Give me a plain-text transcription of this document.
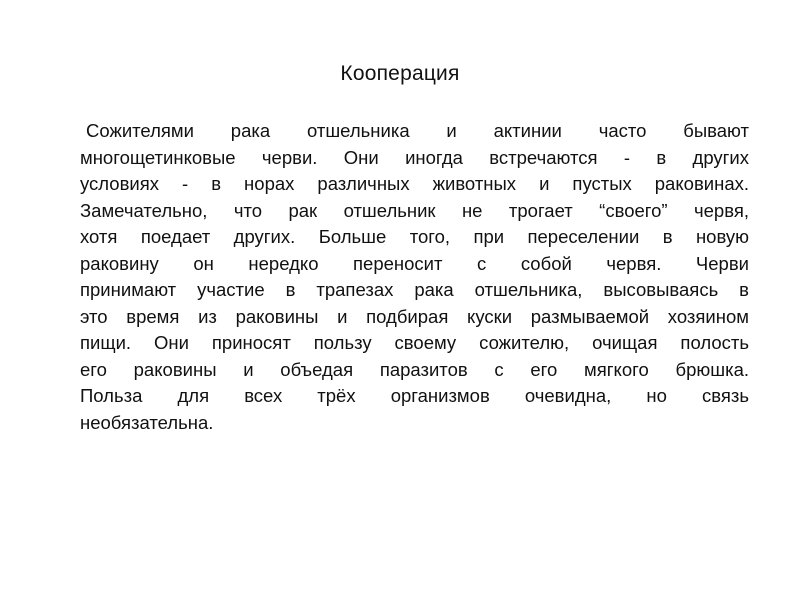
Кооперация
Сожителями рака отшельника и актинии часто бывают
многощетинковые черви. Они иногда встречаются - в других
условиях - в норах различных животных и пустых раковинах.
Замечательно, что рак отшельник не трогает “своего” червя,
хотя поедает других. Больше того, при переселении в новую
раковину он нередко переносит с собой червя. Черви
принимают участие в трапезах рака отшельника, высовываясь в
это время из раковины и подбирая куски размываемой хозяином
пищи. Они приносят пользу своему сожителю, очищая полость
его раковины и объедая паразитов с его мягкого брюшка.
Польза для всех трёх организмов очевидна, но связь
необязательна.
